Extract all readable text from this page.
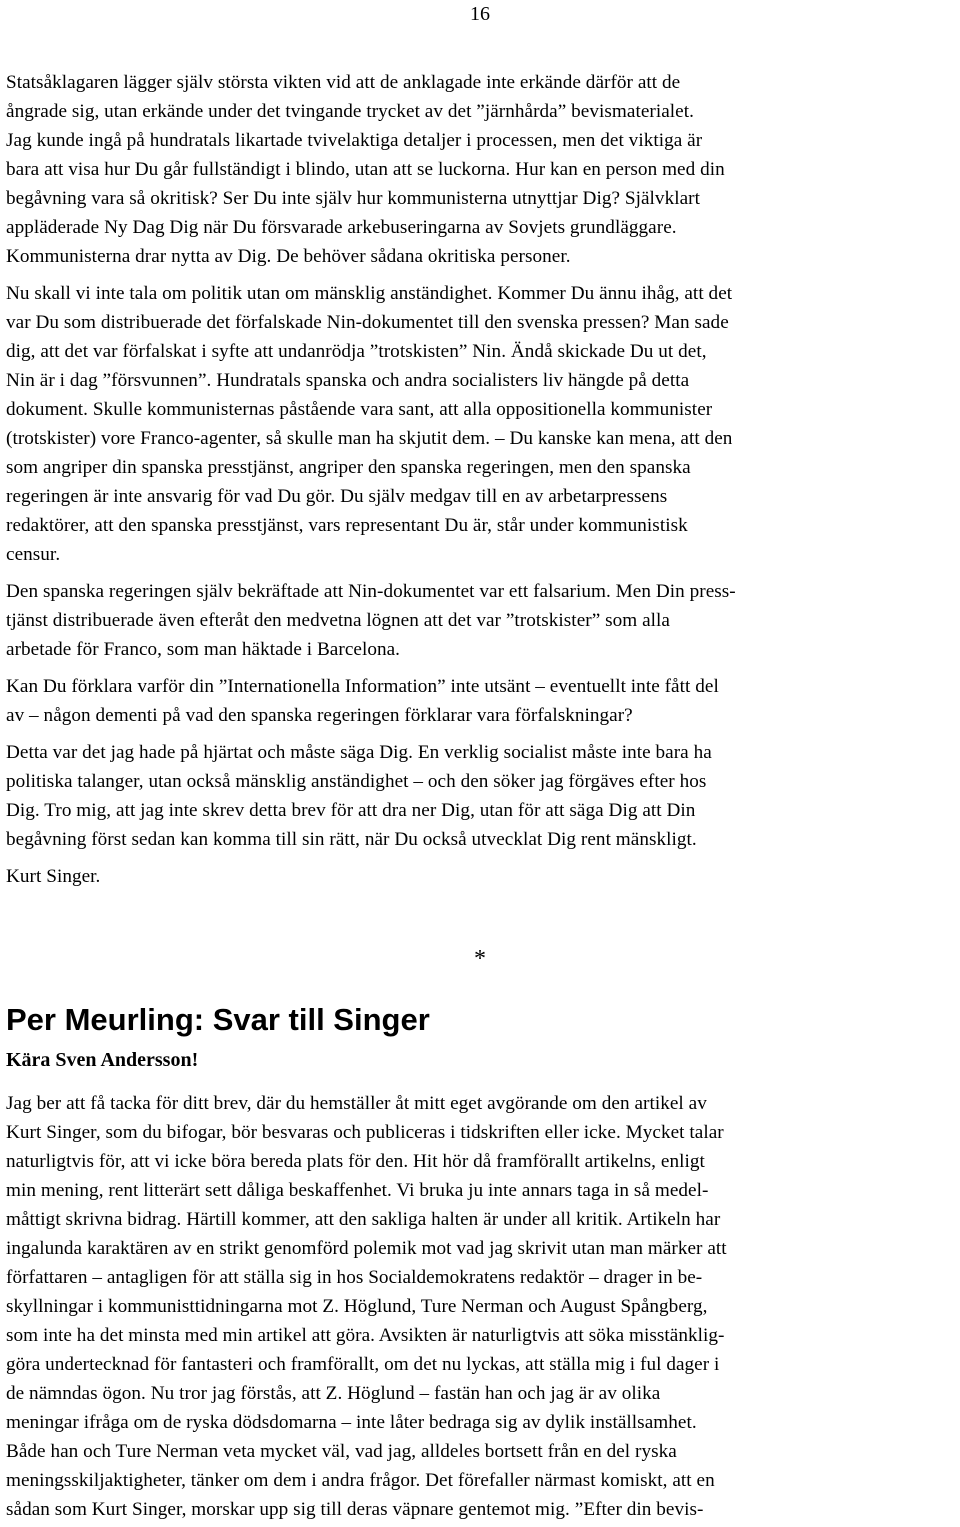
16

Statsåklagaren lägger själv största vikten vid att de anklagade inte erkände därför att de
ångrade sig, utan erkände under det tvingande trycket av det ”järnhårda” bevismaterialet.
Jag kunde ingå på hundratals likartade tvivelaktiga detaljer i processen, men det viktiga är
bara att visa hur Du går fullständigt i blindo, utan att se luckorna. Hur kan en person med din
begåvning vara så okritisk? Ser Du inte själv hur kommunisterna utnyttjar Dig? Självklart
appläderade Ny Dag Dig när Du försvarade arkebuseringarna av Sovjets grundläggare.
Kommunisterna drar nytta av Dig. De behöver sådana okritiska personer.

Nu skall vi inte tala om politik utan om mänsklig anständighet. Kommer Du ännu ihåg, att det
var Du som distribuerade det förfalskade Nin-dokumentet till den svenska pressen? Man sade
dig, att det var förfalskat i syfte att undanrödja ”trotskisten” Nin. Ändå skickade Du ut det,
Nin är i dag ”försvunnen”. Hundratals spanska och andra socialisters liv hängde på detta
dokument. Skulle kommunisternas påstående vara sant, att alla oppositionella kommunister
(trotskister) vore Franco-agenter, så skulle man ha skjutit dem. – Du kanske kan mena, att den
som angriper din spanska presstjänst, angriper den spanska regeringen, men den spanska
regeringen är inte ansvarig för vad Du gör. Du själv medgav till en av arbetarpressens
redaktörer, att den spanska presstjänst, vars representant Du är, står under kommunistisk
censur.

Den spanska regeringen själv bekräftade att Nin-dokumentet var ett falsarium. Men Din press-
tjänst distribuerade även efteråt den medvetna lögnen att det var ”trotskister” som alla
arbetade för Franco, som man häktade i Barcelona.

Kan Du förklara varför din ”Internationella Information” inte utsänt – eventuellt inte fått del
av – någon dementi på vad den spanska regeringen förklarar vara förfalskningar?

Detta var det jag hade på hjärtat och måste säga Dig. En verklig socialist måste inte bara ha
politiska talanger, utan också mänsklig anständighet – och den söker jag förgäves efter hos
Dig. Tro mig, att jag inte skrev detta brev för att dra ner Dig, utan för att säga Dig att Din
begåvning först sedan kan komma till sin rätt, när Du också utvecklat Dig rent mänskligt.

Kurt Singer.

*
Per Meurling: Svar till Singer

Kära Sven Andersson!

Jag ber att få tacka för ditt brev, där du hemställer åt mitt eget avgörande om den artikel av
Kurt Singer, som du bifogar, bör besvaras och publiceras i tidskriften eller icke. Mycket talar
naturligtvis för, att vi icke böra bereda plats för den. Hit hör då framförallt artikelns, enligt
min mening, rent litterärt sett dåliga beskaffenhet. Vi bruka ju inte annars taga in så medel-
måttigt skrivna bidrag. Härtill kommer, att den sakliga halten är under all kritik. Artikeln har
ingalunda karaktären av en strikt genomförd polemik mot vad jag skrivit utan man märker att
författaren – antagligen för att ställa sig in hos Socialdemokratens redaktör – drager in be-
skyllningar i kommunisttidningarna mot Z. Höglund, Ture Nerman och August Spångberg,
som inte ha det minsta med min artikel att göra. Avsikten är naturligtvis att söka misstänklig-
göra undertecknad för fantasteri och framförallt, om det nu lyckas, att ställa mig i ful dager i
de nämndas ögon. Nu tror jag förstås, att Z. Höglund – fastän han och jag är av olika
meningar ifråga om de ryska dödsdomarna – inte låter bedraga sig av dylik inställsamhet.
Både han och Ture Nerman veta mycket väl, vad jag, alldeles bortsett från en del ryska
meningsskiljaktigheter, tänker om dem i andra frågor. Det förefaller närmast komiskt, att en
sådan som Kurt Singer, morskar upp sig till deras väpnare gentemot mig. ”Efter din bevis-
